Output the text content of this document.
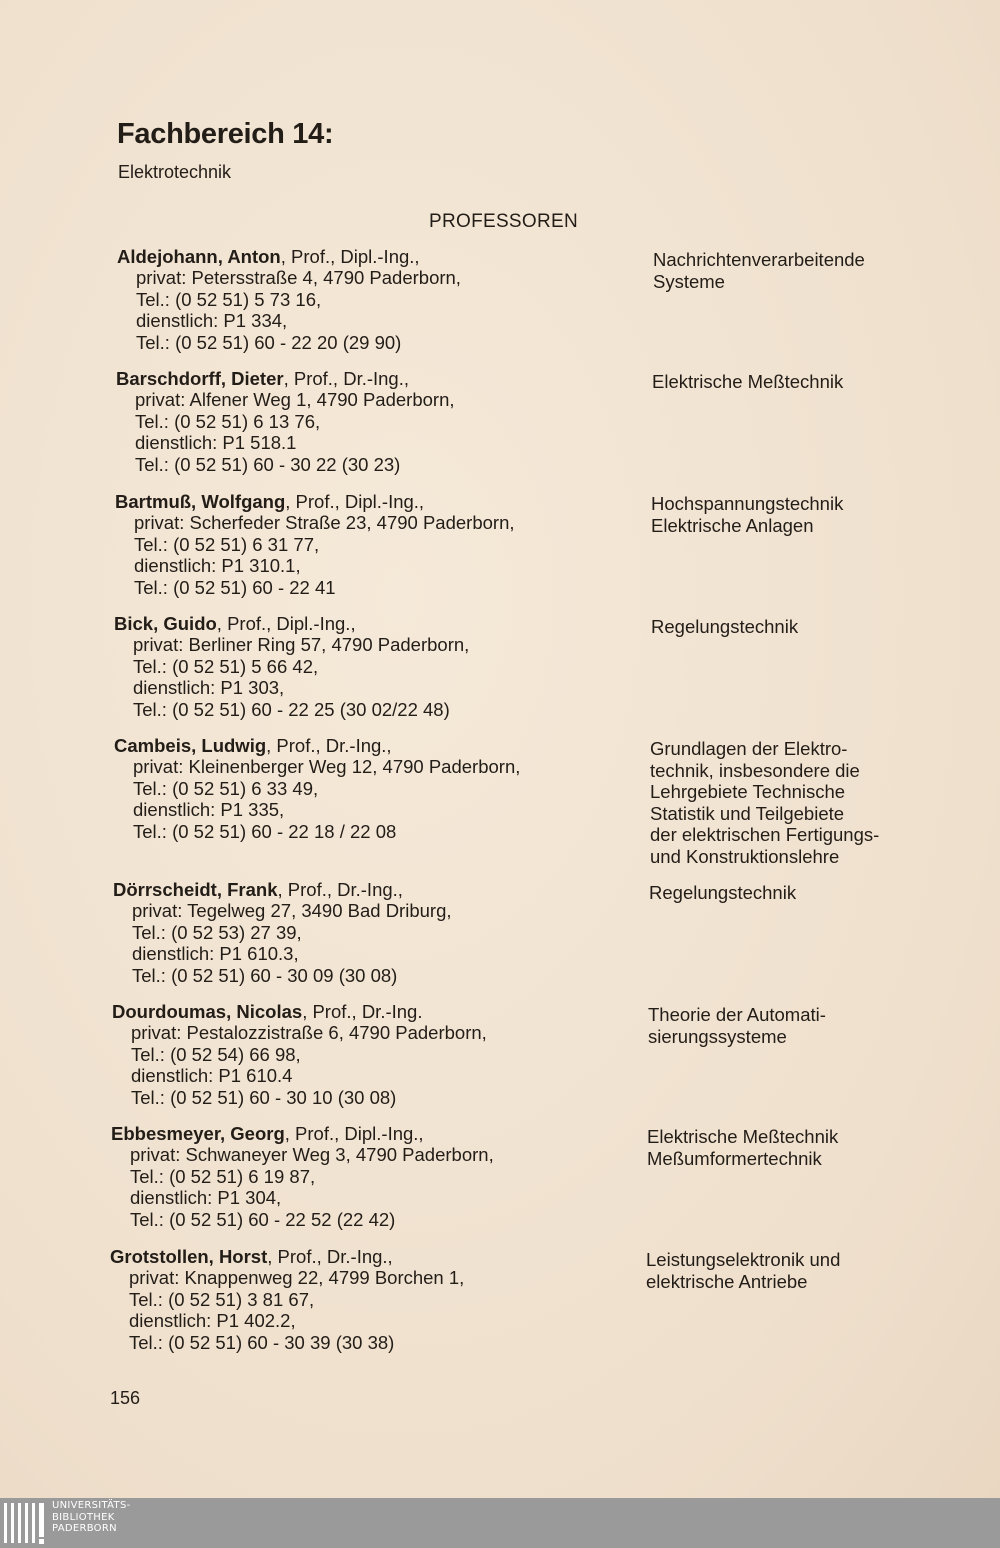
Fachbereich 14:
Elektrotechnik
PROFESSOREN
Aldejohann, Anton, Prof., Dipl.-Ing.,
privat: Petersstraße 4, 4790 Paderborn,
Tel.: (0 52 51) 5 73 16,
dienstlich: P1 334,
Tel.: (0 52 51) 60 - 22 20 (29 90)
Nachrichtenverarbeitende
Systeme
Barschdorff, Dieter, Prof., Dr.-Ing.,
privat: Alfener Weg 1, 4790 Paderborn,
Tel.: (0 52 51) 6 13 76,
dienstlich: P1 518.1
Tel.: (0 52 51) 60 - 30 22 (30 23)
Elektrische Meßtechnik
Bartmuß, Wolfgang, Prof., Dipl.-Ing.,
privat: Scherfeder Straße 23, 4790 Paderborn,
Tel.: (0 52 51) 6 31 77,
dienstlich: P1 310.1,
Tel.: (0 52 51) 60 - 22 41
Hochspannungstechnik
Elektrische Anlagen
Bick, Guido, Prof., Dipl.-Ing.,
privat: Berliner Ring 57, 4790 Paderborn,
Tel.: (0 52 51) 5 66 42,
dienstlich: P1 303,
Tel.: (0 52 51) 60 - 22 25 (30 02/22 48)
Regelungstechnik
Cambeis, Ludwig, Prof., Dr.-Ing.,
privat: Kleinenberger Weg 12, 4790 Paderborn,
Tel.: (0 52 51) 6 33 49,
dienstlich: P1 335,
Tel.: (0 52 51) 60 - 22 18 / 22 08
Grundlagen der Elektro-
technik, insbesondere die
Lehrgebiete Technische
Statistik und Teilgebiete
der elektrischen Fertigungs-
und Konstruktionslehre
Dörrscheidt, Frank, Prof., Dr.-Ing.,
privat: Tegelweg 27, 3490 Bad Driburg,
Tel.: (0 52 53) 27 39,
dienstlich: P1 610.3,
Tel.: (0 52 51) 60 - 30 09 (30 08)
Regelungstechnik
Dourdoumas, Nicolas, Prof., Dr.-Ing.
privat: Pestalozzistraße 6, 4790 Paderborn,
Tel.: (0 52 54) 66 98,
dienstlich: P1 610.4
Tel.: (0 52 51) 60 - 30 10 (30 08)
Theorie der Automati-
sierungssysteme
Ebbesmeyer, Georg, Prof., Dipl.-Ing.,
privat: Schwaneyer Weg 3, 4790 Paderborn,
Tel.: (0 52 51) 6 19 87,
dienstlich: P1 304,
Tel.: (0 52 51) 60 - 22 52 (22 42)
Elektrische Meßtechnik
Meßumformertechnik
Grotstollen, Horst, Prof., Dr.-Ing.,
privat: Knappenweg 22, 4799 Borchen 1,
Tel.: (0 52 51) 3 81 67,
dienstlich: P1 402.2,
Tel.: (0 52 51) 60 - 30 39 (30 38)
Leistungselektronik und
elektrische Antriebe
156
UNIVERSITÄTS-
BIBLIOTHEK
PADERBORN
